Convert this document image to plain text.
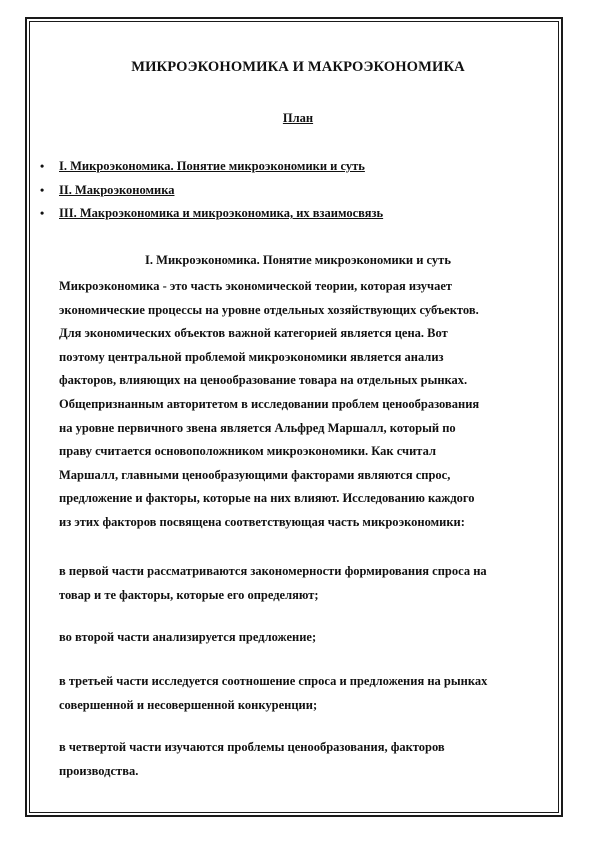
МИКРОЭКОНОМИКА И МАКРОЭКОНОМИКА
План
• I. Микроэкономика. Понятие микроэкономики и суть
• II. Макроэкономика
• III. Макроэкономика и микроэкономика, их взаимосвязь
I. Микроэкономика. Понятие микроэкономики и суть

Микроэкономика - это часть экономической теории, которая изучает
экономические процессы на уровне отдельных хозяйствующих субъектов.
Для экономических объектов важной категорией является цена. Вот
поэтому центральной проблемой микроэкономики является анализ
факторов, влияющих на ценообразование товара на отдельных рынках.
Общепризнанным авторитетом в исследовании проблем ценообразования
на уровне первичного звена является Альфред Маршалл, который по
праву считается основоположником микроэкономики. Как считал
Маршалл, главными ценообразующими факторами являются спрос,
предложение и факторы, которые на них влияют. Исследованию каждого
из этих факторов посвящена соответствующая часть микроэкономики:

в первой части рассматриваются закономерности формирования спроса на
товар и те факторы, которые его определяют;

во второй части анализируется предложение;

в третьей части исследуется соотношение спроса и предложения на рынках
совершенной и несовершенной конкуренции;

в четвертой части изучаются проблемы ценообразования, факторов
производства.
